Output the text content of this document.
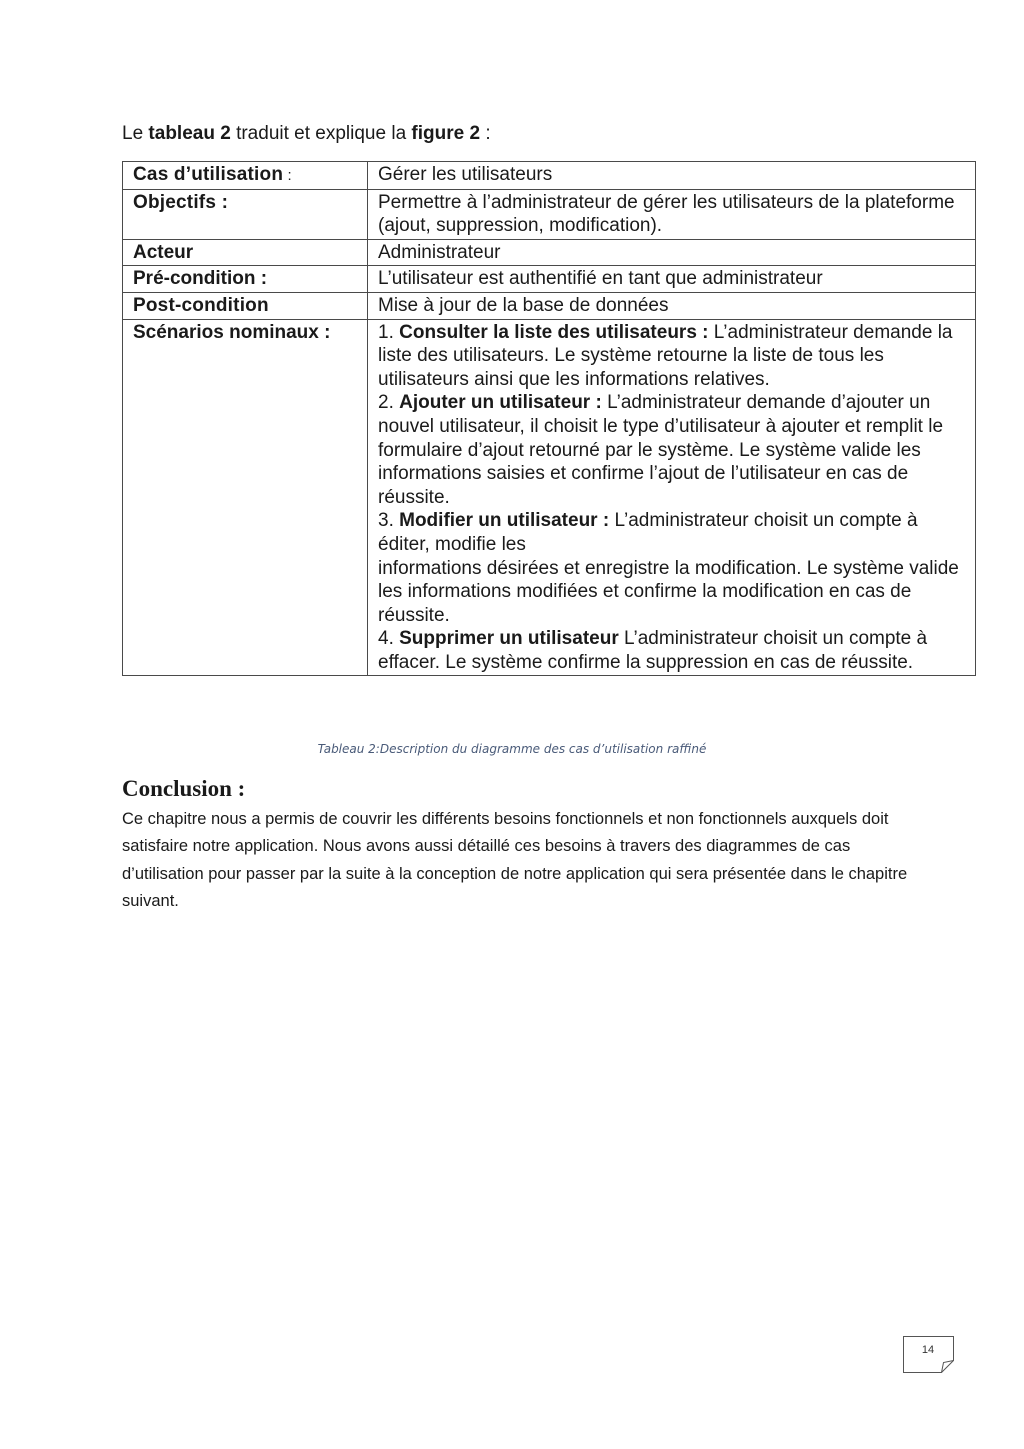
Le tableau 2 traduit et explique la figure 2 :

Cas d’utilisation :	Gérer les utilisateurs
Objectifs :	Permettre à l’administrateur de gérer les utilisateurs de la plateforme (ajout, suppression, modification).
Acteur	Administrateur
Pré-condition :	L’utilisateur est authentifié en tant que administrateur
Post-condition	Mise à jour de la base de données
Scénarios nominaux :	1. Consulter la liste des utilisateurs : L’administrateur demande la liste des utilisateurs. Le système retourne la liste de tous les utilisateurs ainsi que les informations relatives.
2. Ajouter un utilisateur : L’administrateur demande d’ajouter un nouvel utilisateur, il choisit le type d’utilisateur à ajouter et remplit le formulaire d’ajout retourné par le système. Le système valide les informations saisies et confirme l’ajout de l’utilisateur en cas de réussite.
3. Modifier un utilisateur : L’administrateur choisit un compte à éditer, modifie les
informations désirées et enregistre la modification. Le système valide les informations modifiées et confirme la modification en cas de réussite.
4. Supprimer un utilisateur L’administrateur choisit un compte à effacer. Le système confirme la suppression en cas de réussite.
Tableau 2:Description du diagramme des cas d’utilisation raffiné
Conclusion :

Ce chapitre nous a permis de couvrir les différents besoins fonctionnels et non fonctionnels auxquels doit satisfaire notre application. Nous avons aussi détaillé ces besoins à travers des diagrammes de cas d’utilisation pour passer par la suite à la conception de notre application qui sera présentée dans le chapitre suivant.

14
